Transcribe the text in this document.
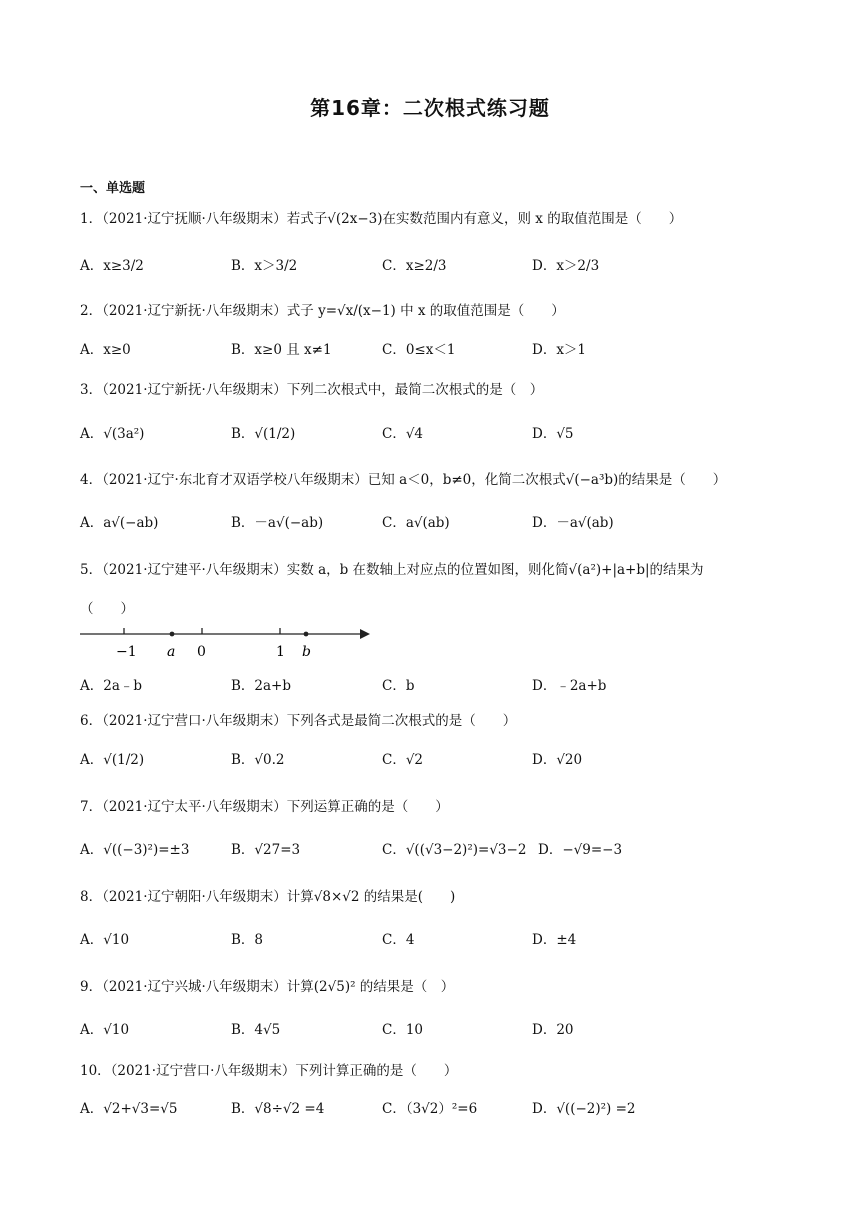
第16章：二次根式练习题
一、单选题
1．（2021·辽宁抚顺·八年级期末）若式子√(2x−3)在实数范围内有意义，则 x 的取值范围是（　　）
A．x≥3/2	B．x＞3/2	C．x≥2/3	D．x＞2/3
2．（2021·辽宁新抚·八年级期末）式子 y=√x/(x−1) 中 x 的取值范围是（　　）
A．x≥0	B．x≥0 且 x≠1	C．0≤x＜1	D．x＞1
3．（2021·辽宁新抚·八年级期末）下列二次根式中，最简二次根式的是（　）
A．√(3a²)	B．√(1/2)	C．√4	D．√5
4．（2021·辽宁·东北育才双语学校八年级期末）已知 a＜0，b≠0，化简二次根式√(−a³b)的结果是（　　）
A．a√(−ab)	B．－a√(−ab)	C．a√(ab)	D．－a√(ab)
5．（2021·辽宁建平·八年级期末）实数 a，b 在数轴上对应点的位置如图，则化简√(a²)+|a+b|的结果为
（　　）
−1 a 0	1 b
A．2a﹣b	B．2a+b	C．b	D．﹣2a+b
6．（2021·辽宁营口·八年级期末）下列各式是最简二次根式的是（　　）
A．√(1/2)	B．√0.2	C．√2	D．√20
7．（2021·辽宁太平·八年级期末）下列运算正确的是（　　）
A．√((−3)²)=±3	B．√27=3	C．√((√3−2)²)=√3−2 D．−√9=−3
8．（2021·辽宁朝阳·八年级期末）计算√8×√2 的结果是(　　)
A．√10	B．8	C．4	D．±4
9．（2021·辽宁兴城·八年级期末）计算(2√5)² 的结果是（　）
A．√10	B．4√5	C．10	D．20
10．（2021·辽宁营口·八年级期末）下列计算正确的是（　　）
A．√2+√3=√5	B．√8÷√2 =4	C．（3√2）²=6	D．√((−2)²) =2
